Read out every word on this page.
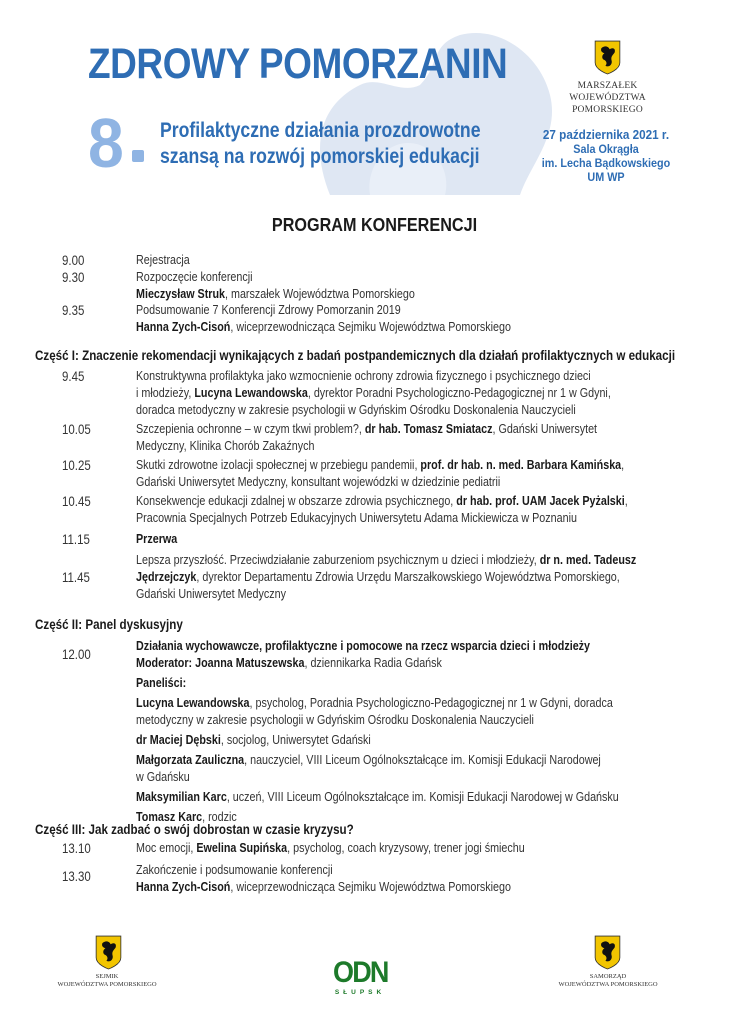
ZDROWY POMORZANIN
8 Profilaktyczne działania prozdrowotne
szansą na rozwój pomorskiej edukacji
MARSZAŁEK
WOJEWÓDZTWA POMORSKIEGO
27 października 2021 r.
Sala Okrągła
im. Lecha Bądkowskiego
UM WP
PROGRAM KONFERENCJI
9.00	Rejestracja
9.30	Rozpoczęcie konferencji
Mieczysław Struk, marszałek Województwa Pomorskiego
9.35	Podsumowanie 7 Konferencji Zdrowy Pomorzanin 2019
Hanna Zych-Cisoń, wiceprzewodnicząca Sejmiku Województwa Pomorskiego
Część I: Znaczenie rekomendacji wynikających z badań postpandemicznych dla działań profilaktycznych w edukacji
9.45	Konstruktywna profilaktyka jako wzmocnienie ochrony zdrowia fizycznego i psychicznego dzieci
i młodzieży, Lucyna Lewandowska, dyrektor Poradni Psychologiczno-Pedagogicznej nr 1 w Gdyni,
doradca metodyczny w zakresie psychologii w Gdyńskim Ośrodku Doskonalenia Nauczycieli
10.05	Szczepienia ochronne – w czym tkwi problem?, dr hab. Tomasz Smiatacz, Gdański Uniwersytet
Medyczny, Klinika Chorób Zakaźnych
10.25	Skutki zdrowotne izolacji społecznej w przebiegu pandemii, prof. dr hab. n. med. Barbara Kamińska,
Gdański Uniwersytet Medyczny, konsultant wojewódzki w dziedzinie pediatrii
10.45	Konsekwencje edukacji zdalnej w obszarze zdrowia psychicznego, dr hab. prof. UAM Jacek Pyżalski,
Pracownia Specjalnych Potrzeb Edukacyjnych Uniwersytetu Adama Mickiewicza w Poznaniu
11.15	Przerwa
11.45
Lepsza przyszłość. Przeciwdziałanie zaburzeniom psychicznym u dzieci i młodzieży, dr n. med. Tadeusz
Jędrzejczyk, dyrektor Departamentu Zdrowia Urzędu Marszałkowskiego Województwa Pomorskiego,
Gdański Uniwersytet Medyczny
Część II: Panel dyskusyjny
12.00
Działania wychowawcze, profilaktyczne i pomocowe na rzecz wsparcia dzieci i młodzieży
Moderator: Joanna Matuszewska, dziennikarka Radia Gdańsk
Paneliści:
Lucyna Lewandowska, psycholog, Poradnia Psychologiczno-Pedagogicznej nr 1 w Gdyni, doradca
metodyczny w zakresie psychologii w Gdyńskim Ośrodku Doskonalenia Nauczycieli
dr Maciej Dębski, socjolog, Uniwersytet Gdański
Małgorzata Zauliczna, nauczyciel, VIII Liceum Ogólnokształcące im. Komisji Edukacji Narodowej
w Gdańsku
Maksymilian Karc, uczeń, VIII Liceum Ogólnokształcące im. Komisji Edukacji Narodowej w Gdańsku
Tomasz Karc, rodzic
Część III: Jak zadbać o swój dobrostan w czasie kryzysu?
13.10	Moc emocji, Ewelina Supińska, psycholog, coach kryzysowy, trener jogi śmiechu
13.30	Zakończenie i podsumowanie konferencji
Hanna Zych-Cisoń, wiceprzewodnicząca Sejmiku Województwa Pomorskiego
SEJMIK
WOJEWÓDZTWA POMORSKIEGO	ODN
SŁUPSK
SAMORZĄD
WOJEWÓDZTWA POMORSKIEGO
